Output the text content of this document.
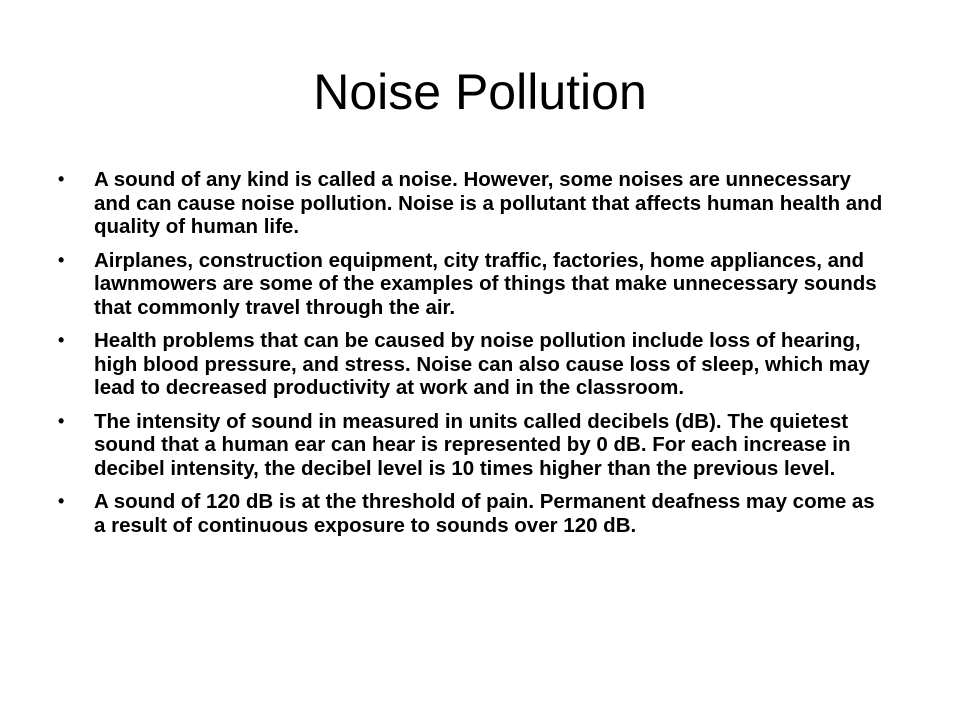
Noise Pollution
• A sound of any kind is called a noise. However, some noises are unnecessary and can cause noise pollution. Noise is a pollutant that affects human health and quality of human life.
• Airplanes, construction equipment, city traffic, factories, home appliances, and lawnmowers are some of the examples of things that make unnecessary sounds that commonly travel through the air.
• Health problems that can be caused by noise pollution include loss of hearing, high blood pressure, and stress. Noise can also cause loss of sleep, which may lead to decreased productivity at work and in the classroom.
• The intensity of sound in measured in units called decibels (dB). The quietest sound that a human ear can hear is represented by 0 dB. For each increase in decibel intensity, the decibel level is 10 times higher than the previous level.
• A sound of 120 dB is at the threshold of pain. Permanent deafness may come as a result of continuous exposure to sounds over 120 dB.
